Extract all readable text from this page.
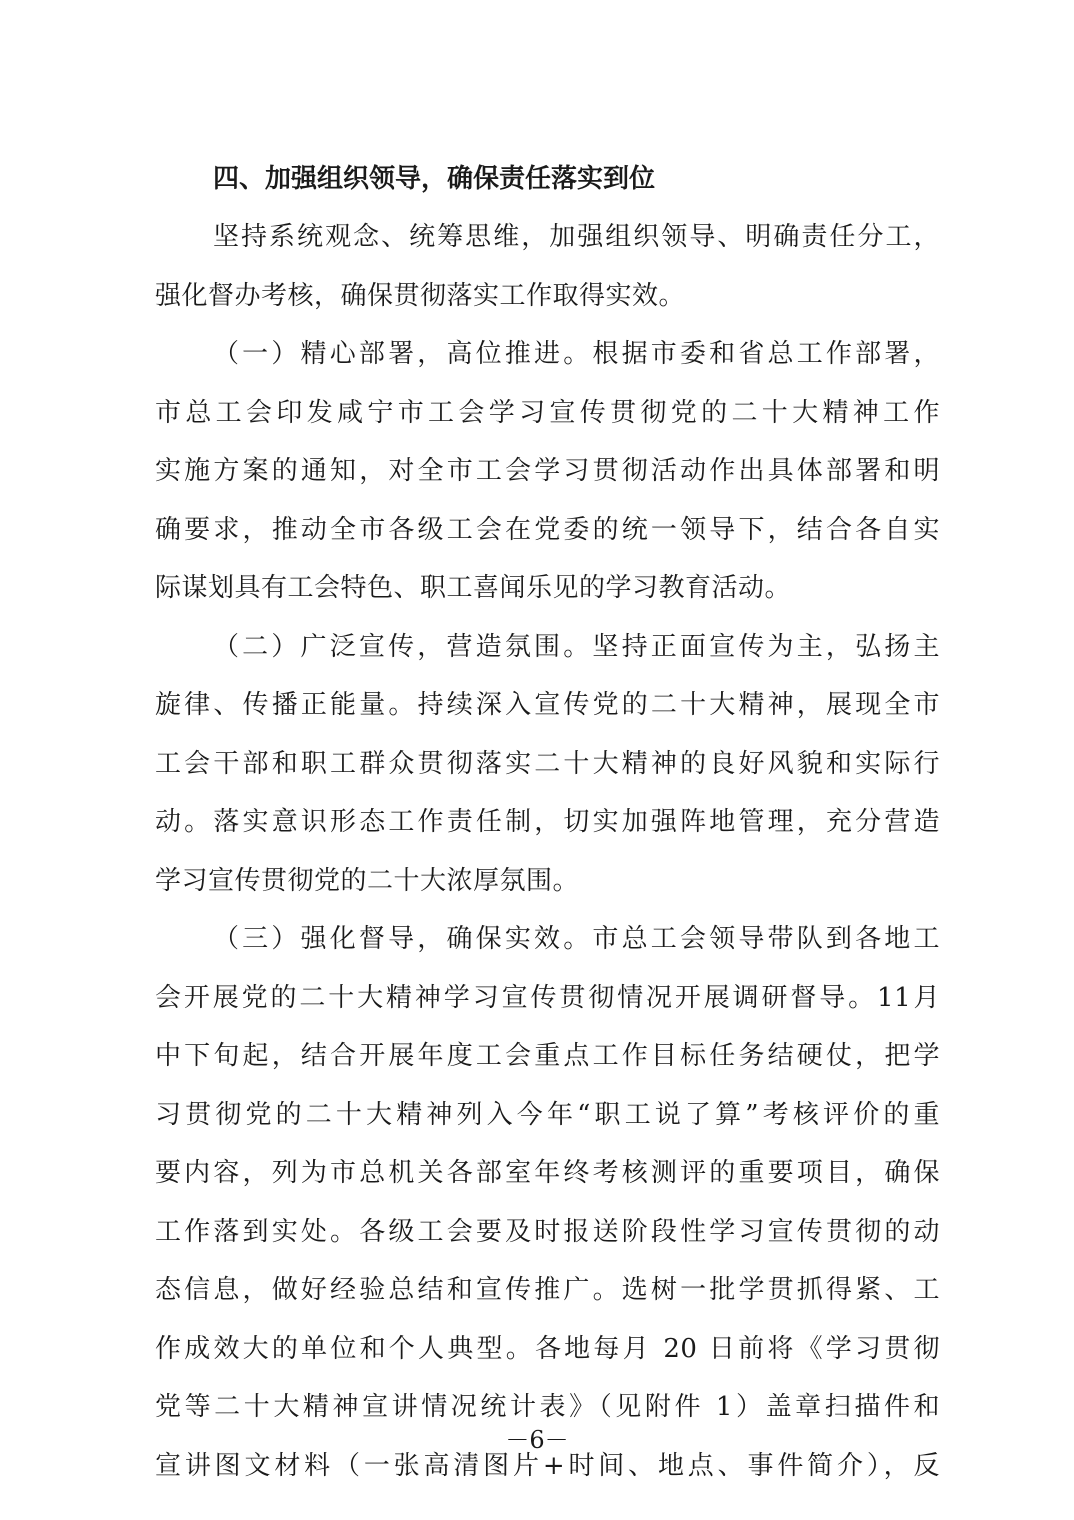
四、加强组织领导，确保责任落实到位
坚持系统观念、统筹思维，加强组织领导、明确责任分工，
强化督办考核，确保贯彻落实工作取得实效。
（一）精心部署，高位推进。根据市委和省总工作部署，
市总工会印发咸宁市工会学习宣传贯彻党的二十大精神工作
实施方案的通知，对全市工会学习贯彻活动作出具体部署和明
确要求，推动全市各级工会在党委的统一领导下，结合各自实
际谋划具有工会特色、职工喜闻乐见的学习教育活动。
（二）广泛宣传，营造氛围。坚持正面宣传为主，弘扬主
旋律、传播正能量。持续深入宣传党的二十大精神，展现全市
工会干部和职工群众贯彻落实二十大精神的良好风貌和实际行
动。落实意识形态工作责任制，切实加强阵地管理，充分营造
学习宣传贯彻党的二十大浓厚氛围。
（三）强化督导，确保实效。市总工会领导带队到各地工
会开展党的二十大精神学习宣传贯彻情况开展调研督导。11月
中下旬起，结合开展年度工会重点工作目标任务结硬仗，把学
习贯彻党的二十大精神列入今年“职工说了算”考核评价的重
要内容，列为市总机关各部室年终考核测评的重要项目，确保
工作落到实处。各级工会要及时报送阶段性学习宣传贯彻的动
态信息，做好经验总结和宣传推广。选树一批学贯抓得紧、工
作成效大的单位和个人典型。各地每月 20 日前将《学习贯彻
党等二十大精神宣讲情况统计表》（见附件 1）盖章扫描件和
宣讲图文材料（一张高清图片+时间、地点、事件简介），反
－6－
